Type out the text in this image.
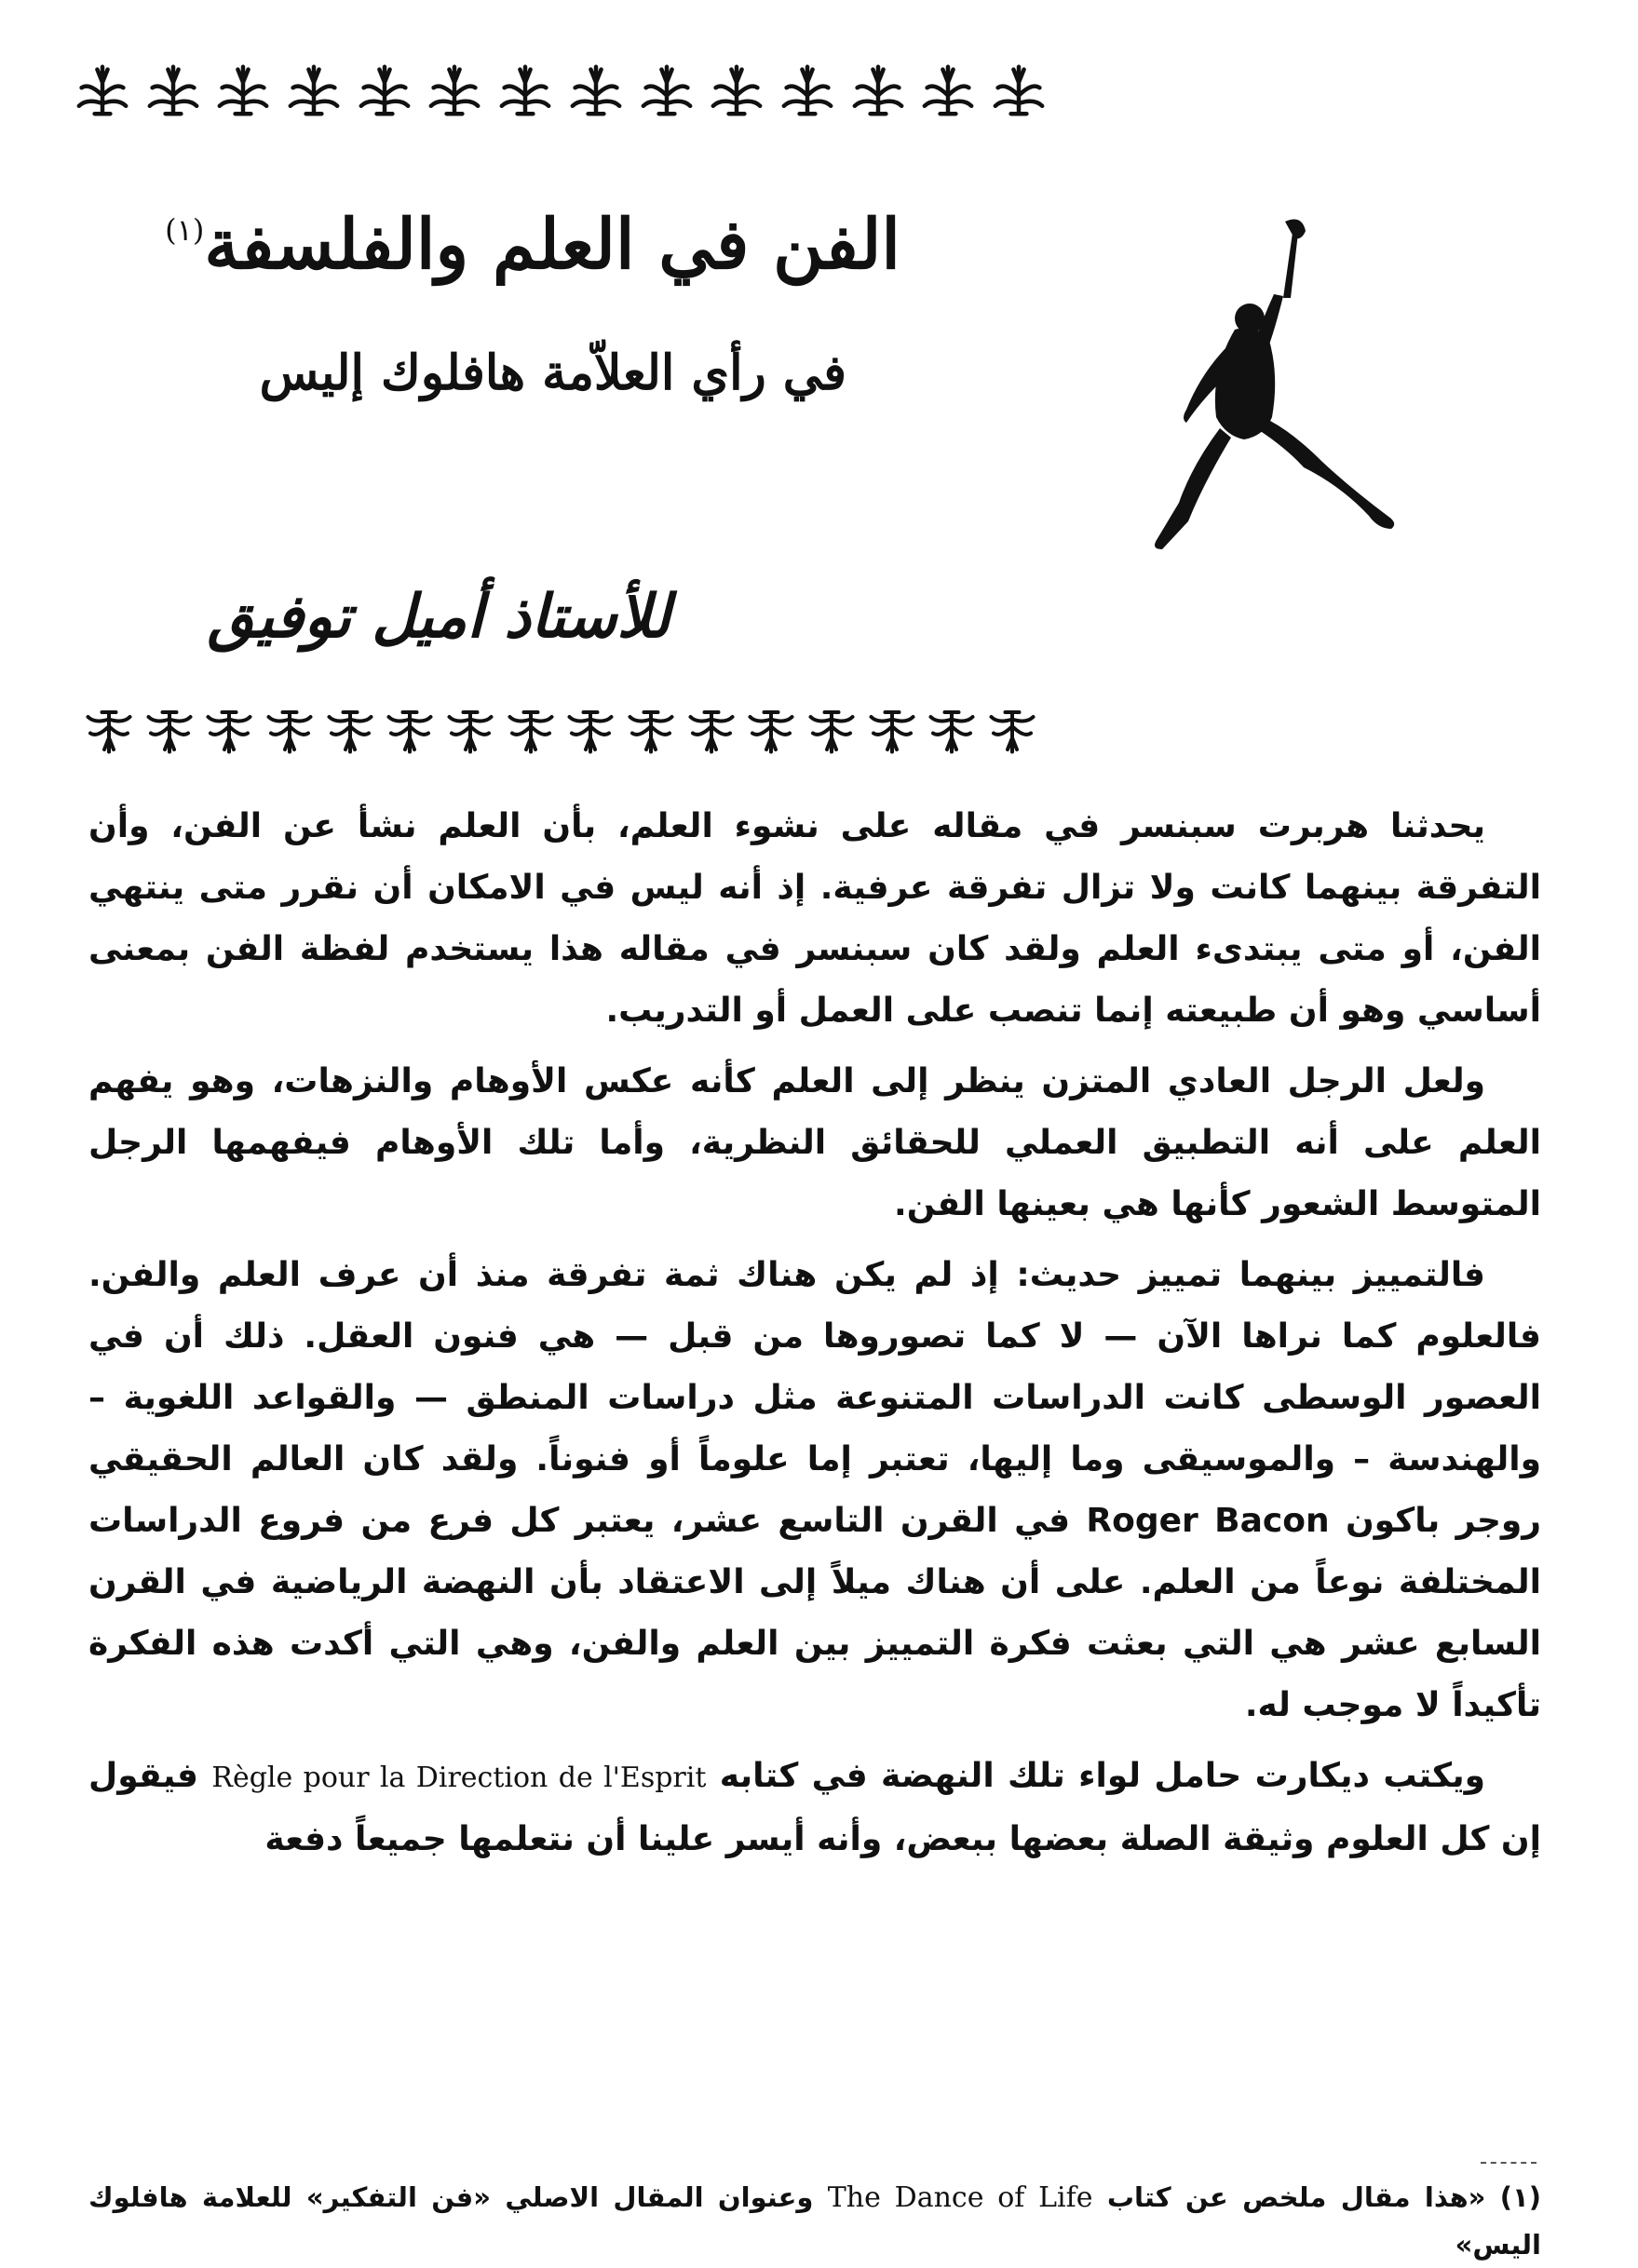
الفن في العلم والفلسفة$^{(١)}$
في رأي العلاّمة هافلوك إليس
للأستاذ أميل توفيق

يحدثنا هربرت سبنسر في مقاله على نشوء العلم، بأن العلم نشأ عن الفن، وأن التفرقة بينهما كانت ولا تزال تفرقة عرفية. إذ أنه ليس في الامكان أن نقرر متى ينتهي الفن، أو متى يبتدىء العلم ولقد كان سبنسر في مقاله هذا يستخدم لفظة الفن بمعنى أساسي وهو أن طبيعته إنما تنصب على العمل أو التدريب.

ولعل الرجل العادي المتزن ينظر إلى العلم كأنه عكس الأوهام والنزهات، وهو يفهم العلم على أنه التطبيق العملي للحقائق النظرية، وأما تلك الأوهام فيفهمها الرجل المتوسط الشعور كأنها هي بعينها الفن.

فالتمييز بينهما تمييز حديث: إذ لم يكن هناك ثمة تفرقة منذ أن عرف العلم والفن. فالعلوم كما نراها الآن — لا كما تصوروها من قبل — هي فنون العقل. ذلك أن في العصور الوسطى كانت الدراسات المتنوعة مثل دراسات المنطق — والقواعد اللغوية – والهندسة – والموسيقى وما إليها، تعتبر إما علوماً أو فنوناً. ولقد كان العالم الحقيقي روجر باكون Roger Bacon في القرن التاسع عشر، يعتبر كل فرع من فروع الدراسات المختلفة نوعاً من العلم. على أن هناك ميلاً إلى الاعتقاد بأن النهضة الرياضية في القرن السابع عشر هي التي بعثت فكرة التمييز بين العلم والفن، وهي التي أكدت هذه الفكرة تأكيداً لا موجب له.

ويكتب ديكارت حامل لواء تلك النهضة في كتابه Règle pour la Direction de l'Esprit فيقول إن كل العلوم وثيقة الصلة بعضها ببعض، وأنه أيسر علينا أن نتعلمها جميعاً دفعة

(١) «هذا مقال ملخص عن كتاب The Dance of Life وعنوان المقال الاصلي «فن التفكير» للعلامة هافلوك اليس»
